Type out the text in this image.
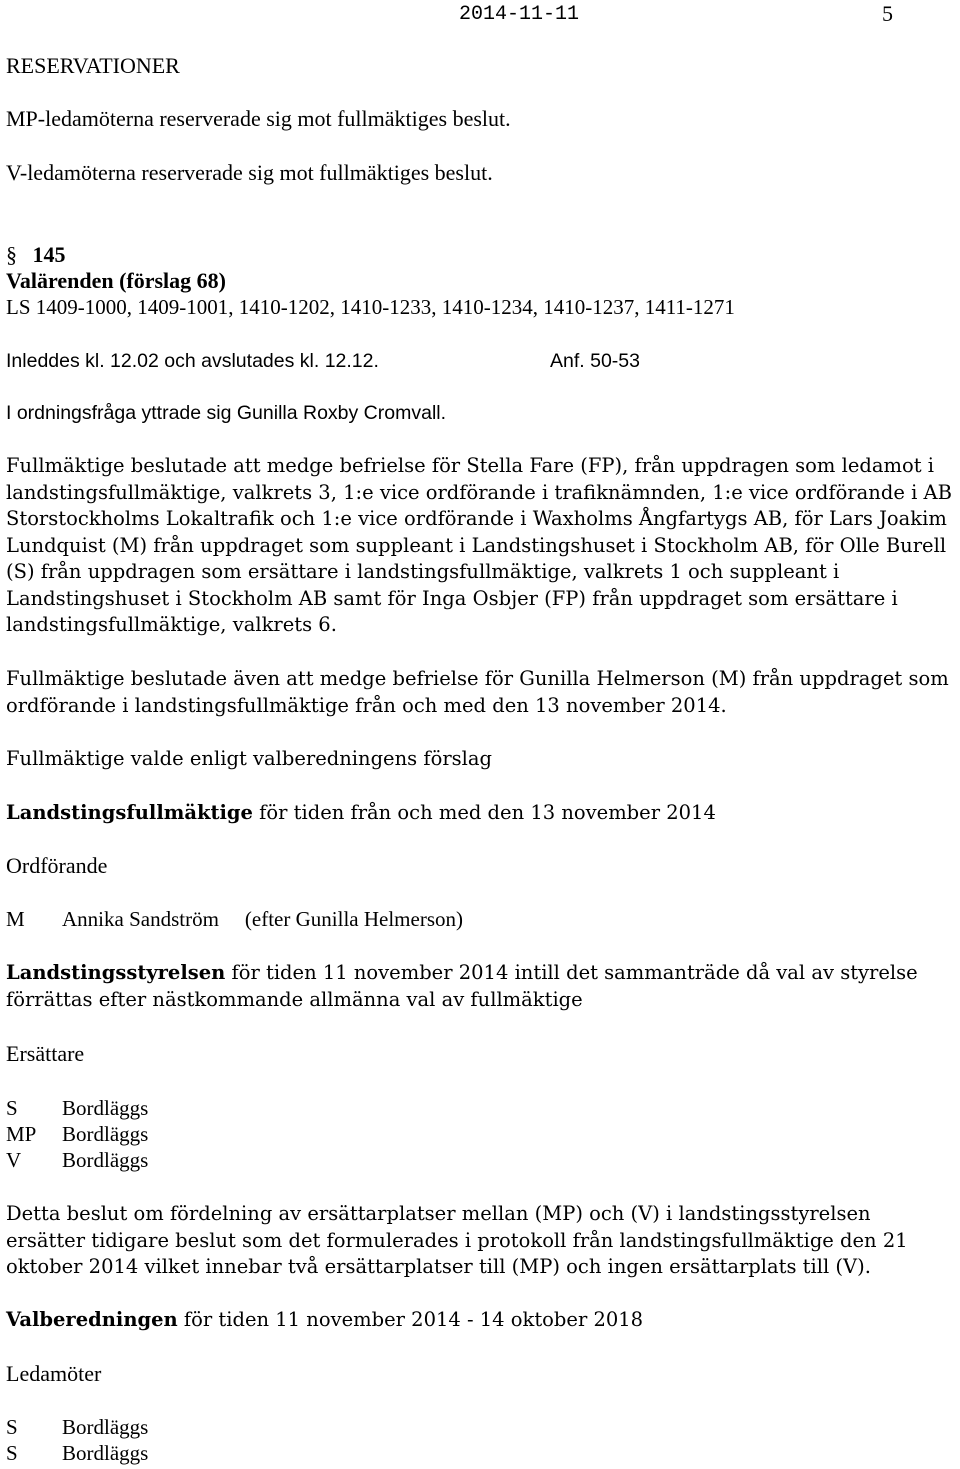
2014-11-11	5
RESERVATIONER
MP-ledamöterna reserverade sig mot fullmäktiges beslut.
V-ledamöterna reserverade sig mot fullmäktiges beslut.
§ 145
Valärenden (förslag 68)
LS 1409-1000, 1409-1001, 1410-1202, 1410-1233, 1410-1234, 1410-1237, 1411-1271
Inleddes kl. 12.02 och avslutades kl. 12.12.	Anf. 50-53
I ordningsfråga yttrade sig Gunilla Roxby Cromvall.
Fullmäktige beslutade att medge befrielse för Stella Fare (FP), från uppdragen som ledamot i landstingsfullmäktige, valkrets 3, 1:e vice ordförande i trafiknämnden, 1:e vice ordförande i AB Storstockholms Lokaltrafik och 1:e vice ordförande i Waxholms Ångfartygs AB, för Lars Joakim Lundquist (M) från uppdraget som suppleant i Landstingshuset i Stockholm AB, för Olle Burell (S) från uppdragen som ersättare i landstingsfullmäktige, valkrets 1 och suppleant i Landstingshuset i Stockholm AB samt för Inga Osbjer (FP) från uppdraget som ersättare i landstingsfullmäktige, valkrets 6.
Fullmäktige beslutade även att medge befrielse för Gunilla Helmerson (M) från uppdraget som ordförande i landstingsfullmäktige från och med den 13 november 2014.
Fullmäktige valde enligt valberedningens förslag
Landstingsfullmäktige för tiden från och med den 13 november 2014
Ordförande
M Annika Sandström (efter Gunilla Helmerson)
Landstingsstyrelsen för tiden 11 november 2014 intill det sammanträde då val av styrelse förrättas efter nästkommande allmänna val av fullmäktige
Ersättare
S Bordläggs
MP Bordläggs
V Bordläggs
Detta beslut om fördelning av ersättarplatser mellan (MP) och (V) i landstingsstyrelsen ersätter tidigare beslut som det formulerades i protokoll från landstingsfullmäktige den 21 oktober 2014 vilket innebar två ersättarplatser till (MP) och ingen ersättarplats till (V).
Valberedningen för tiden 11 november 2014 - 14 oktober 2018
Ledamöter
S Bordläggs
S Bordläggs
